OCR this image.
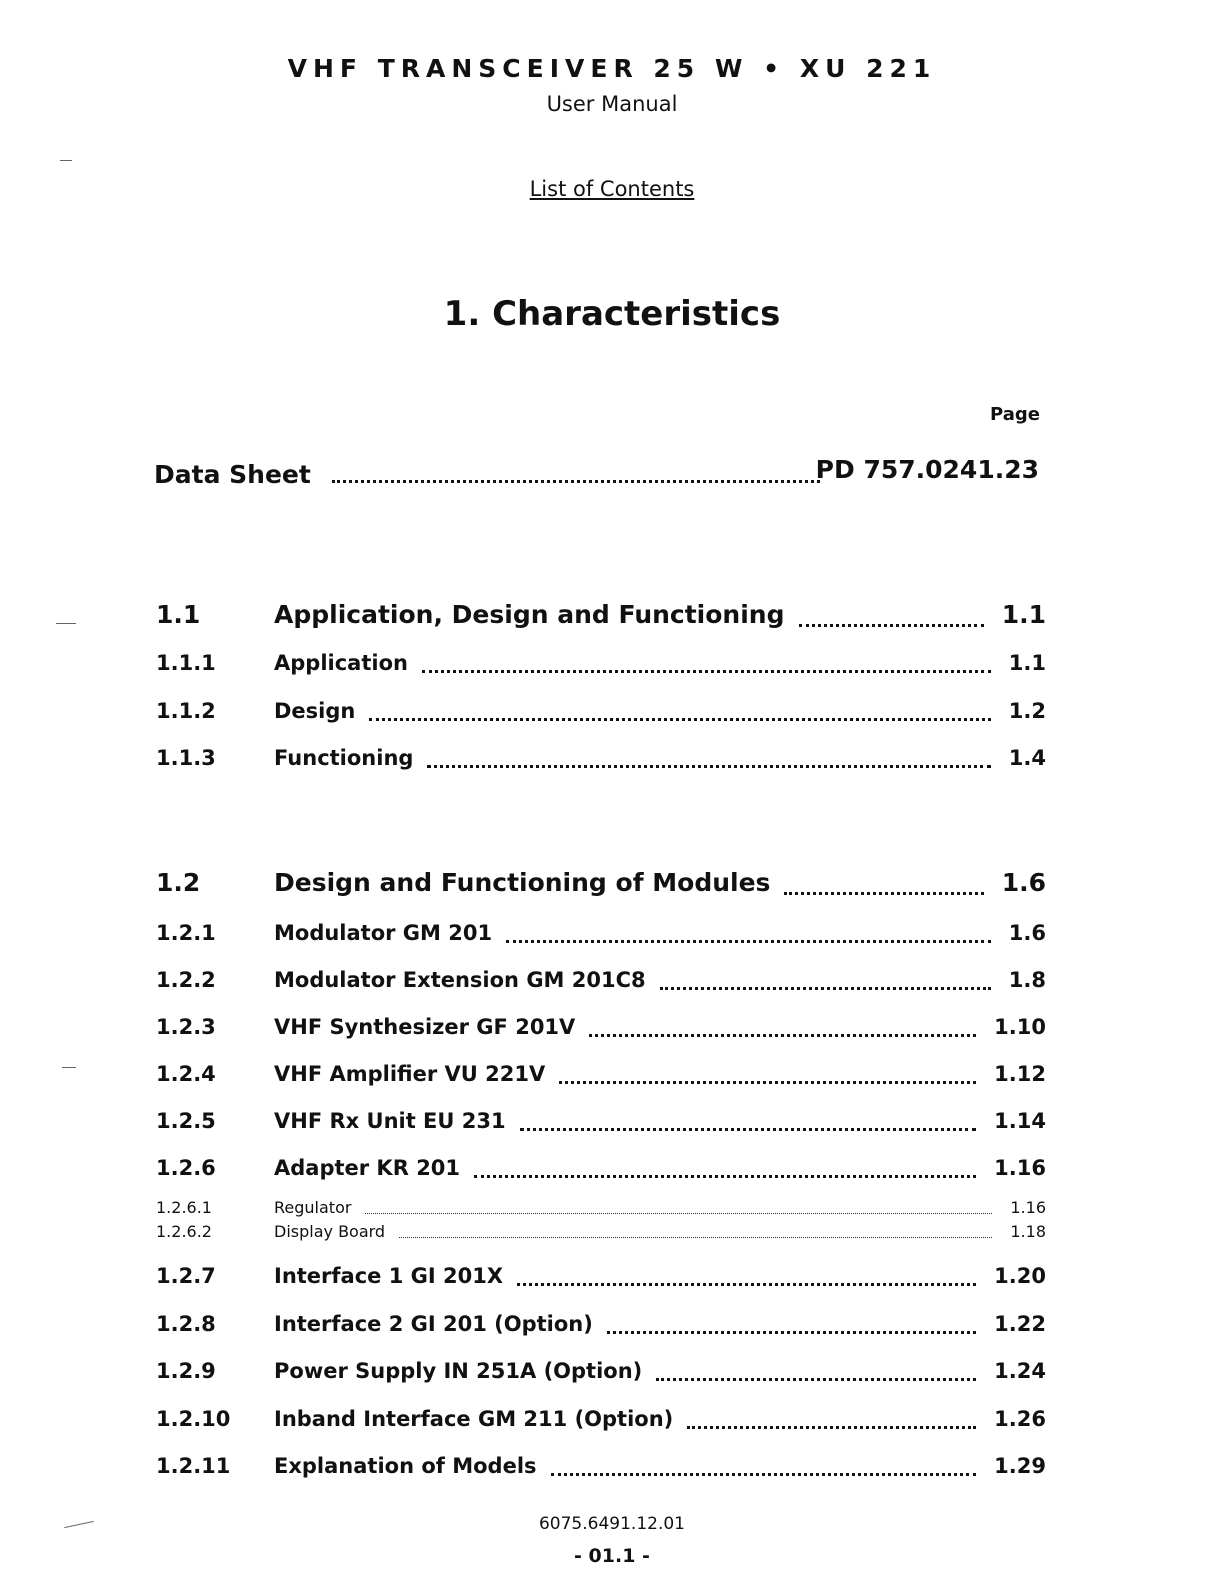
VHF TRANSCEIVER 25 W • XU 221
User Manual
List of Contents
1. Characteristics
Page
Data Sheet	PD 757.0241.23
1.1	Application, Design and Functioning	1.1
1.1.1	Application	1.1
1.1.2	Design	1.2
1.1.3	Functioning	1.4
1.2	Design and Functioning of Modules	1.6
1.2.1	Modulator GM 201	1.6
1.2.2	Modulator Extension GM 201C8	1.8
1.2.3	VHF Synthesizer GF 201V	1.10
1.2.4	VHF Amplifier VU 221V	1.12
1.2.5	VHF Rx Unit EU 231	1.14
1.2.6	Adapter KR 201	1.16
1.2.6.1	Regulator	1.16
1.2.6.2	Display Board	1.18
1.2.7	Interface 1 GI 201X	1.20
1.2.8	Interface 2 GI 201 (Option)	1.22
1.2.9	Power Supply IN 251A (Option)	1.24
1.2.10 Inband Interface GM 211 (Option)	1.26
1.2.11 Explanation of Models	1.29
6075.6491.12.01
- 01.1 -
